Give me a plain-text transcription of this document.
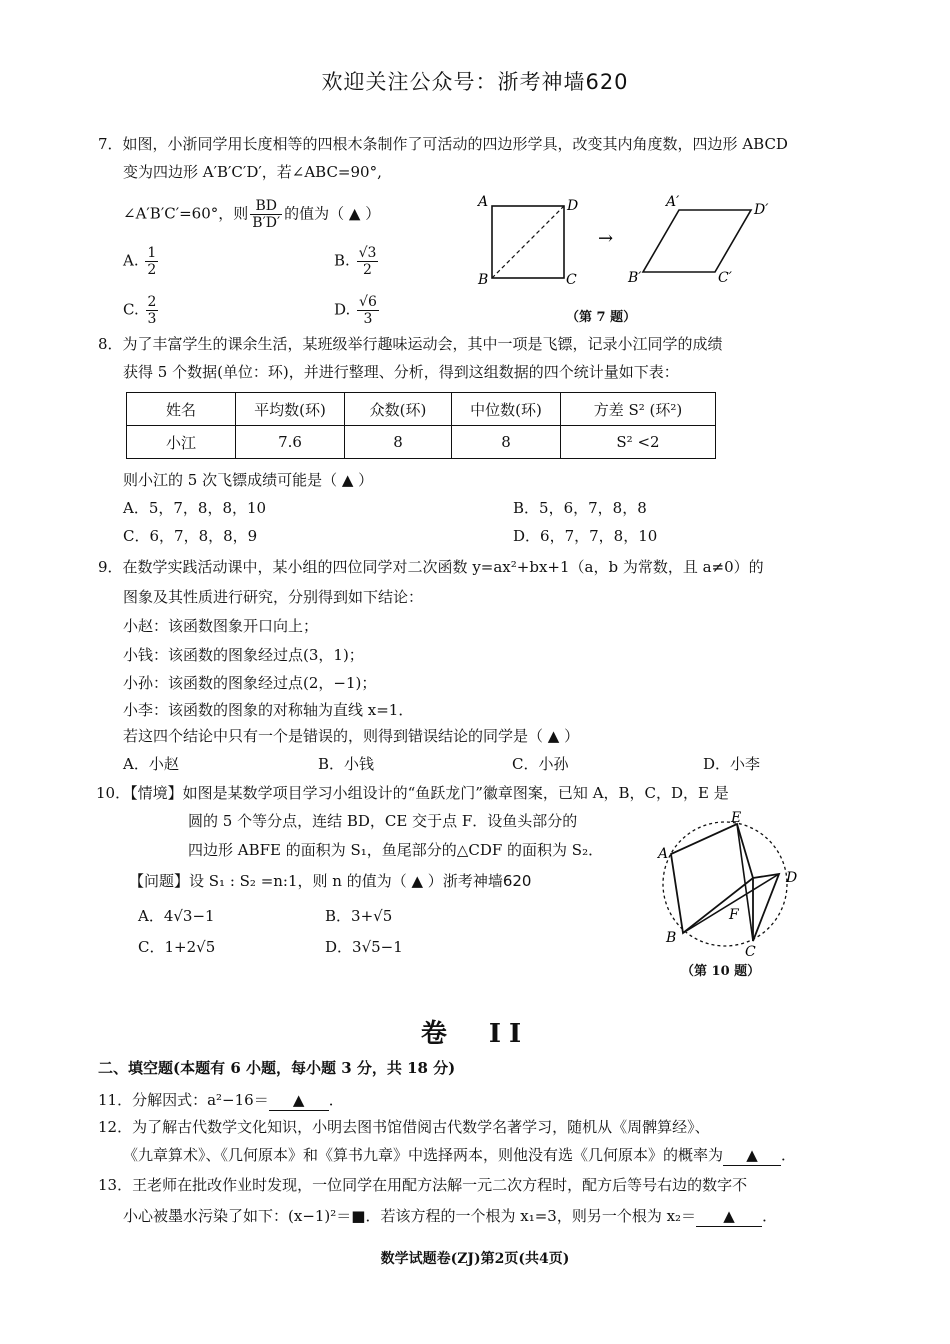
欢迎关注公众号：浙考神墙620
7．如图，小浙同学用长度相等的四根木条制作了可活动的四边形学具，改变其内角度数，四边形 ABCD
变为四边形 A′B′C′D′，若∠ABC=90°,
∠A′B′C′=60°，则 $\frac{BD}{B'D'}$ 的值为（ ▲ ）
A. $\frac{1}{2}$	B. $\frac{√3}{2}$
C. $\frac{2}{3}$	D. $\frac{√6}{3}$
A	D
B	C
→
A′	D′
B′	C′
（第 7 题）
8．为了丰富学生的课余生活，某班级举行趣味运动会，其中一项是飞镖，记录小江同学的成绩
获得 5 个数据(单位：环)，并进行整理、分析，得到这组数据的四个统计量如下表：
姓名	平均数(环)	众数(环)	中位数(环)	方差 S² (环²)
小江	7.6	8	8	S² <2
则小江的 5 次飞镖成绩可能是（ ▲ ）
A．5，7，8，8，10	B．5，6，7，8，8
C．6，7，8，8，9	D．6，7，7，8，10
9．在数学实践活动课中，某小组的四位同学对二次函数 y=ax²+bx+1（a，b 为常数，且 a≠0）的
图象及其性质进行研究，分别得到如下结论：
小赵：该函数图象开口向上；
小钱：该函数的图象经过点(3，1)；
小孙：该函数的图象经过点(2，−1)；
小李：该函数的图象的对称轴为直线 x=1．
若这四个结论中只有一个是错误的，则得到错误结论的同学是（ ▲ ）
A．小赵	B．小钱	C．小孙	D．小李
10．【情境】如图是某数学项目学习小组设计的“鱼跃龙门”徽章图案，已知 A，B，C，D，E 是
圆的 5 个等分点，连结 BD，CE 交于点 F．设鱼头部分的
四边形 ABFE 的面积为 S₁，鱼尾部分的△CDF 的面积为 S₂．
【问题】设 S₁ : S₂ =n:1，则 n 的值为（ ▲ ）浙考神墙620
A．4√3−1	B．3+√5
C．1+2√5	D．3√5−1
A
E
D
B
C
F
（第 10 题）
卷　II
二、填空题(本题有 6 小题，每小题 3 分，共 18 分)
11．分解因式：a²−16＝ ▲ ．
12．为了解古代数学文化知识，小明去图书馆借阅古代数学名著学习，随机从《周髀算经》、
《九章算术》、《几何原本》和《算书九章》中选择两本，则他没有选《几何原本》的概率为 ▲ ．
13．王老师在批改作业时发现，一位同学在用配方法解一元二次方程时，配方后等号右边的数字不
小心被墨水污染了如下：(x−1)²＝■．若该方程的一个根为 x₁=3，则另一个根为 x₂＝ ▲ ．
数学试题卷(ZJ)第2页(共4页)
